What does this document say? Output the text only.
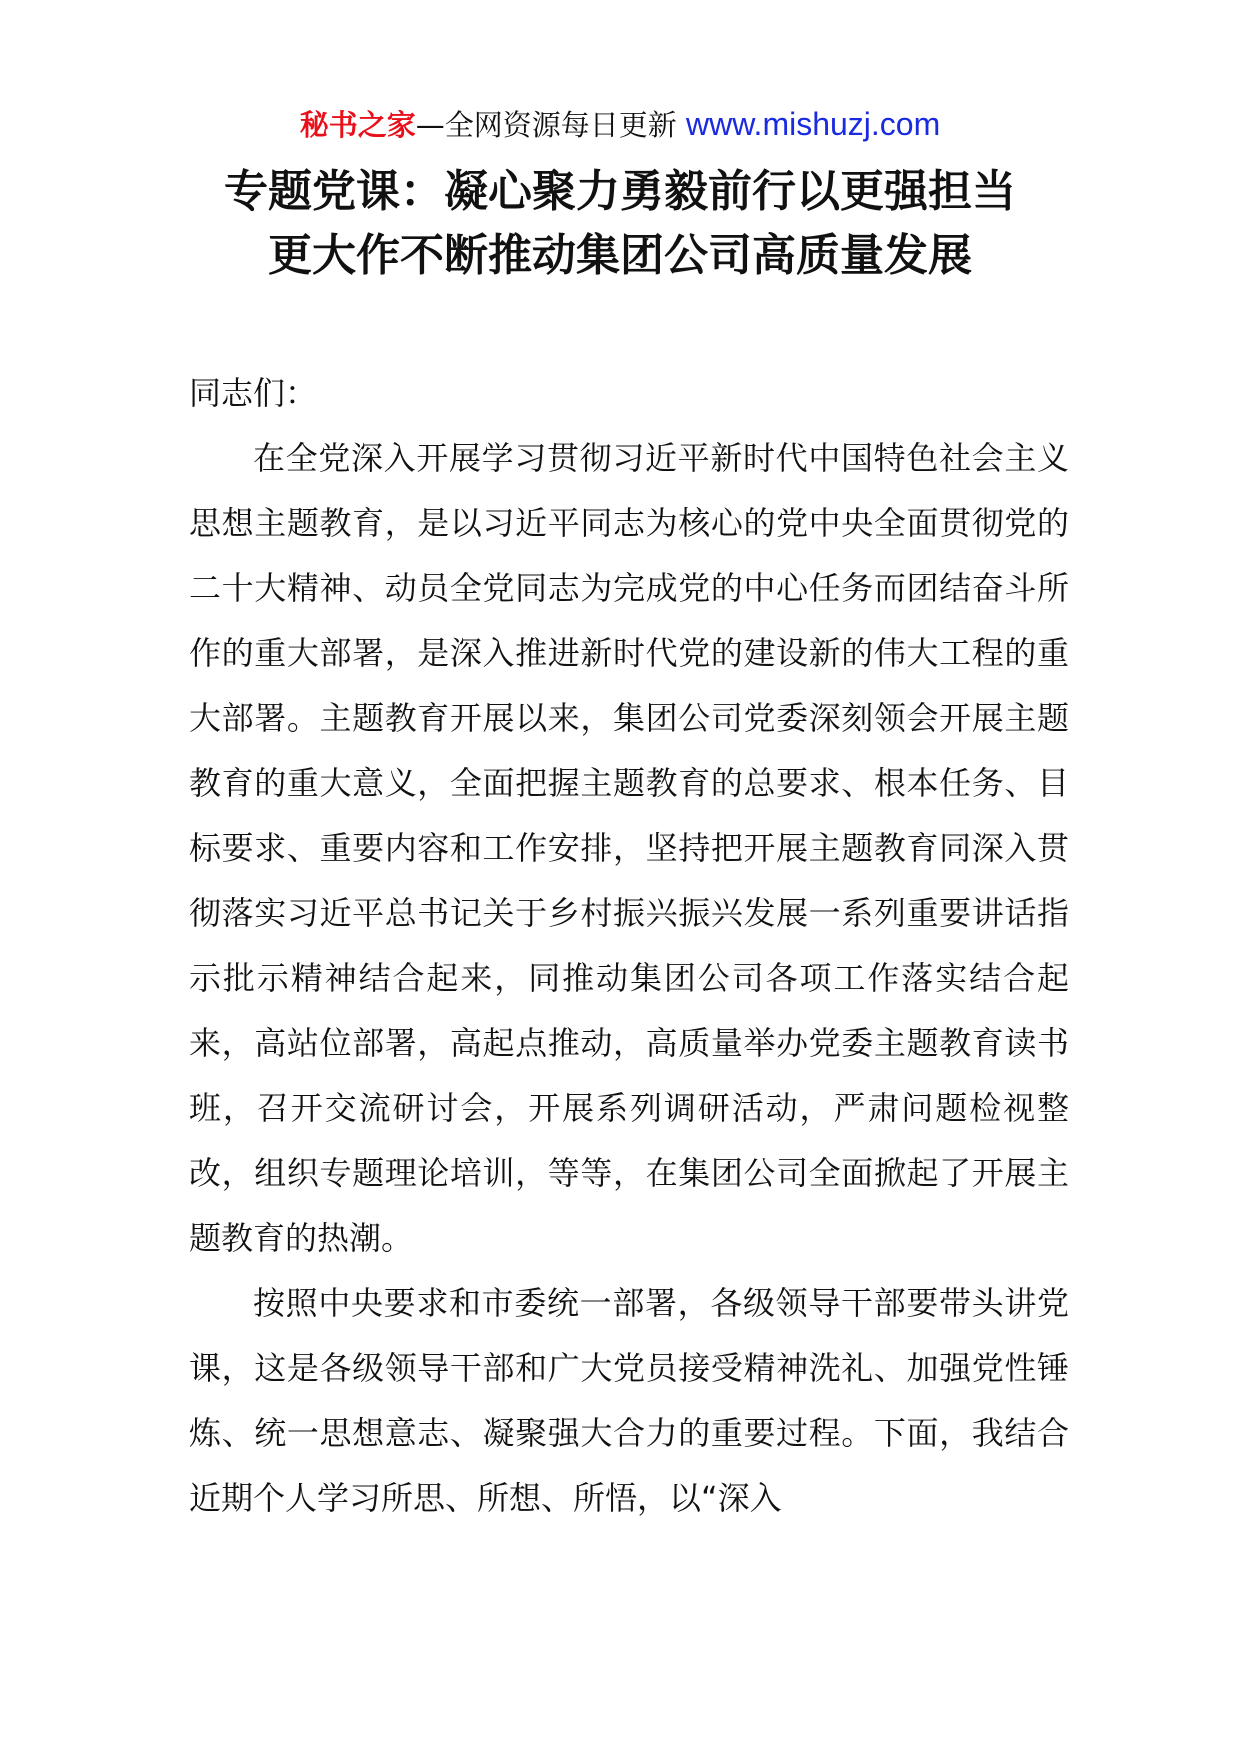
秘书之家—全网资源每日更新 www.mishuzj.com
专题党课：凝心聚力勇毅前行以更强担当
更大作不断推动集团公司高质量发展

同志们：

在全党深入开展学习贯彻习近平新时代中国特色社会主义思想主题教育，是以习近平同志为核心的党中央全面贯彻党的二十大精神、动员全党同志为完成党的中心任务而团结奋斗所作的重大部署，是深入推进新时代党的建设新的伟大工程的重大部署。主题教育开展以来，集团公司党委深刻领会开展主题教育的重大意义，全面把握主题教育的总要求、根本任务、目标要求、重要内容和工作安排，坚持把开展主题教育同深入贯彻落实习近平总书记关于乡村振兴振兴发展一系列重要讲话指示批示精神结合起来，同推动集团公司各项工作落实结合起来，高站位部署，高起点推动，高质量举办党委主题教育读书班，召开交流研讨会，开展系列调研活动，严肃问题检视整改，组织专题理论培训，等等，在集团公司全面掀起了开展主题教育的热潮。

按照中央要求和市委统一部署，各级领导干部要带头讲党课，这是各级领导干部和广大党员接受精神洗礼、加强党性锤炼、统一思想意志、凝聚强大合力的重要过程。下面，我结合近期个人学习所思、所想、所悟，以“深入
